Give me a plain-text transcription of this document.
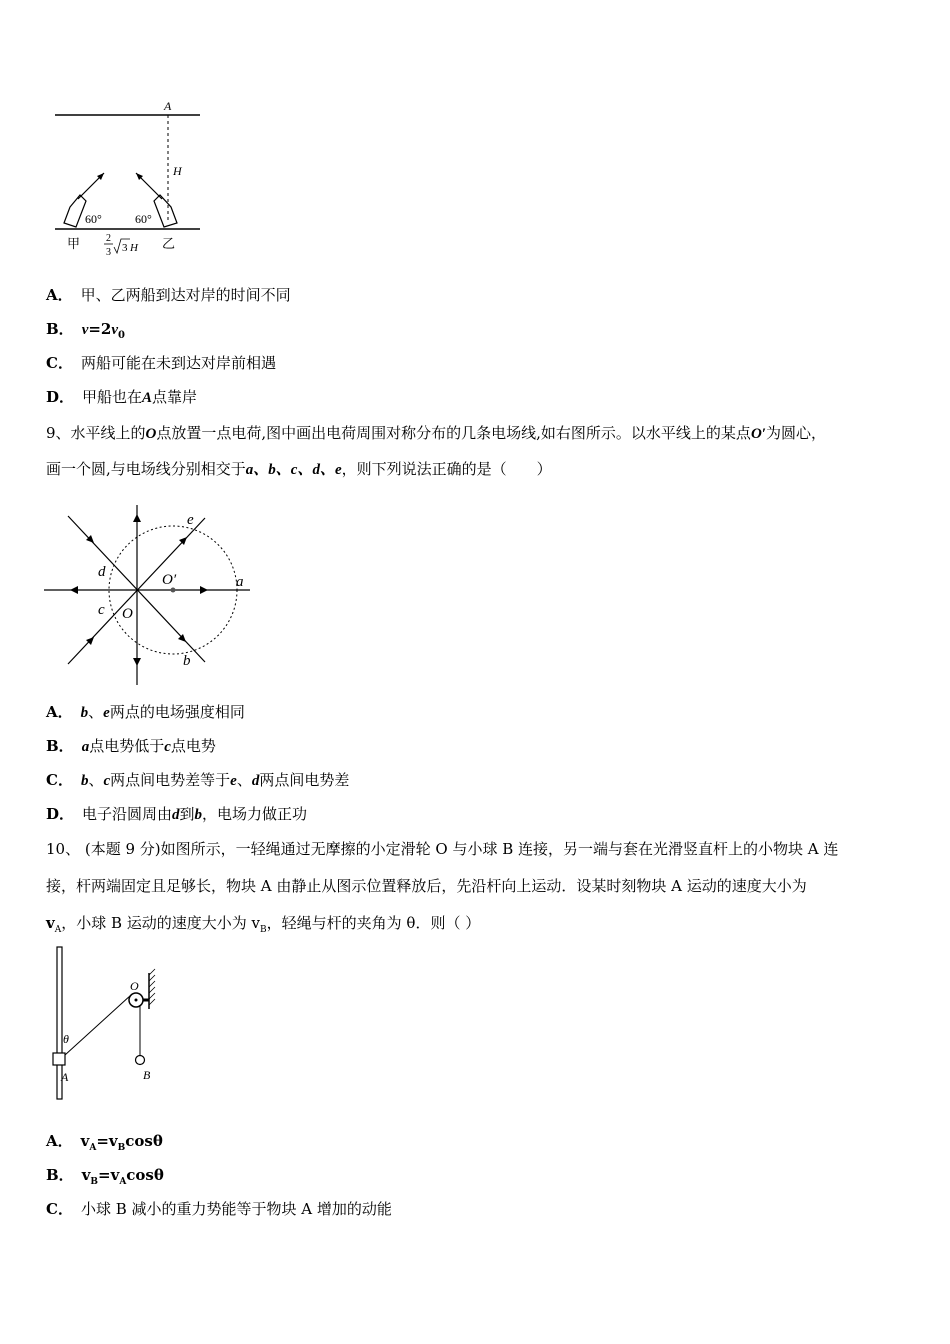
A
H
60°	60°
甲	乙
2
3 3 H
A． 甲、乙两船到达对岸的时间不同
B． $v=2v_0$
C． 两船可能在未到达对岸前相遇
D． 甲船也在A点靠岸
9、水平线上的O点放置一点电荷,图中画出电荷周围对称分布的几条电场线,如右图所示。以水平线上的某点O′为圆心，
画一个圆,与电场线分别相交于a、b、c、d、e，则下列说法正确的是（　　）
a
b
c
d
e
O
O′
A． b、e两点的电场强度相同
B． a点电势低于c点电势
C． b、c两点间电势差等于e、d两点间电势差
D． 电子沿圆周由d到b，电场力做正功
10、 (本题 9 分)如图所示，一轻绳通过无摩擦的小定滑轮 O 与小球 B 连接，另一端与套在光滑竖直杆上的小物块 A 连
接，杆两端固定且足够长，物块 A 由静止从图示位置释放后，先沿杆向上运动．设某时刻物块 A 运动的速度大小为
$v_A$，小球 B 运动的速度大小为 $v_B$，轻绳与杆的夹角为 θ．则（ ）
A
O
B
θ
A． $v_A=v_B\cos\theta$
B． $v_B=v_A\cos\theta$
C． 小球 B 减小的重力势能等于物块 A 增加的动能
